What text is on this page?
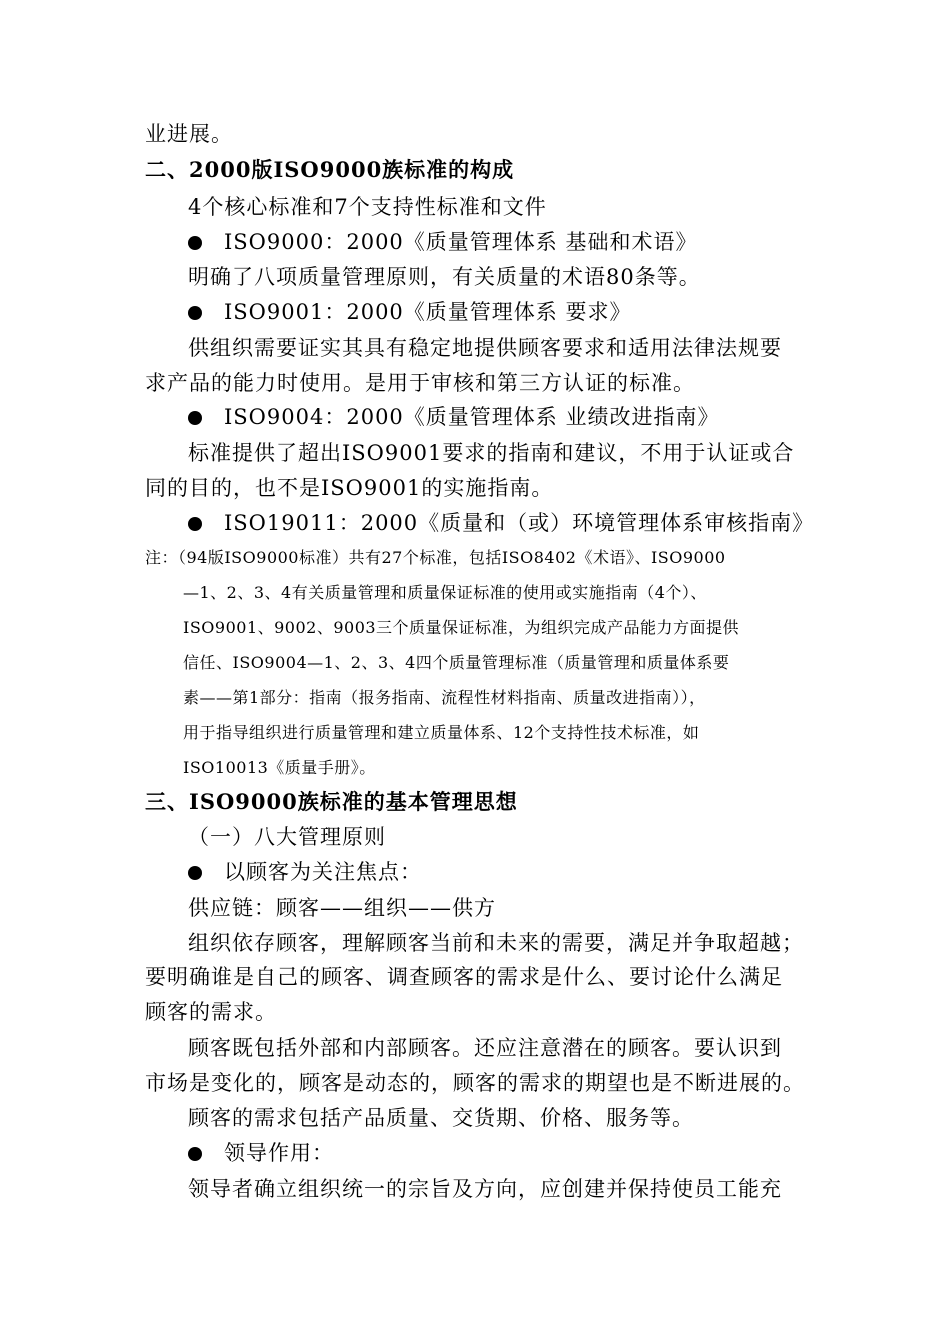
业进展。
二、2000版ISO9000族标准的构成
4个核心标准和7个支持性标准和文件
ISO9000：2000《质量管理体系 基础和术语》
明确了八项质量管理原则，有关质量的术语80条等。
ISO9001：2000《质量管理体系 要求》
供组织需要证实其具有稳定地提供顾客要求和适用法律法规要
求产品的能力时使用。是用于审核和第三方认证的标准。
ISO9004：2000《质量管理体系 业绩改进指南》
标准提供了超出ISO9001要求的指南和建议，不用于认证或合
同的目的，也不是ISO9001的实施指南。
ISO19011：2000《质量和（或）环境管理体系审核指南》
注：（94版ISO9000标准）共有27个标准，包括ISO8402《术语》、ISO9000
—1、2、3、4有关质量管理和质量保证标准的使用或实施指南（4个）、
ISO9001、9002、9003三个质量保证标准，为组织完成产品能力方面提供
信任、ISO9004—1、2、3、4四个质量管理标准（质量管理和质量体系要
素——第1部分：指南（报务指南、流程性材料指南、质量改进指南）），
用于指导组织进行质量管理和建立质量体系、12个支持性技术标准，如
ISO10013《质量手册》。
三、ISO9000族标准的基本管理思想
（一）八大管理原则
以顾客为关注焦点：
供应链：顾客——组织——供方
组织依存顾客，理解顾客当前和未来的需要，满足并争取超越；
要明确谁是自己的顾客、调查顾客的需求是什么、要讨论什么满足
顾客的需求。
顾客既包括外部和内部顾客。还应注意潜在的顾客。要认识到
市场是变化的，顾客是动态的，顾客的需求的期望也是不断进展的。
顾客的需求包括产品质量、交货期、价格、服务等。
领导作用：
领导者确立组织统一的宗旨及方向，应创建并保持使员工能充
